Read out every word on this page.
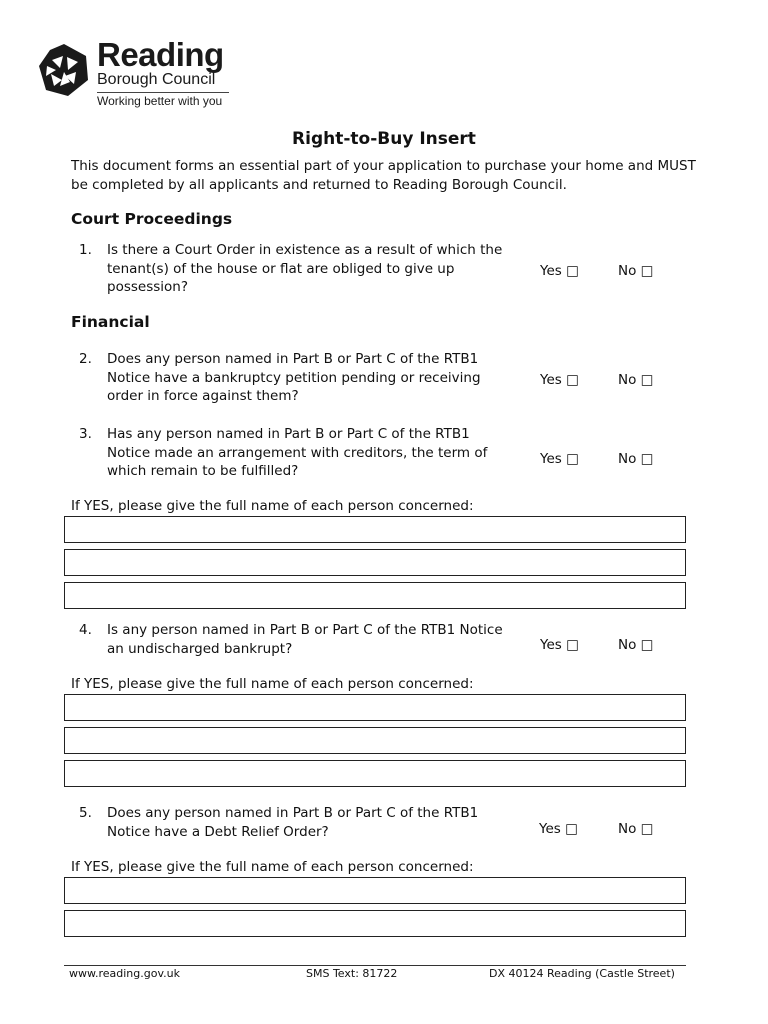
Reading
Borough Council
Working better with you
Right-to-Buy Insert
This document forms an essential part of your application to purchase your home and MUST be completed by all applicants and returned to Reading Borough Council.
Court Proceedings
1. Is there a Court Order in existence as a result of which the
tenant(s) of the house or flat are obliged to give up
possession?
Yes □	No □
Financial
2. Does any person named in Part B or Part C of the RTB1
Notice have a bankruptcy petition pending or receiving
order in force against them?
Yes □	No □
3. Has any person named in Part B or Part C of the RTB1
Notice made an arrangement with creditors, the term of
which remain to be fulfilled?
Yes □	No □
If YES, please give the full name of each person concerned:
4. Is any person named in Part B or Part C of the RTB1 Notice
an undischarged bankrupt?	Yes □	No □
If YES, please give the full name of each person concerned:
5. Does any person named in Part B or Part C of the RTB1
Notice have a Debt Relief Order?	Yes □	No □
If YES, please give the full name of each person concerned:
www.reading.gov.uk	SMS Text: 81722	DX 40124 Reading (Castle Street)
